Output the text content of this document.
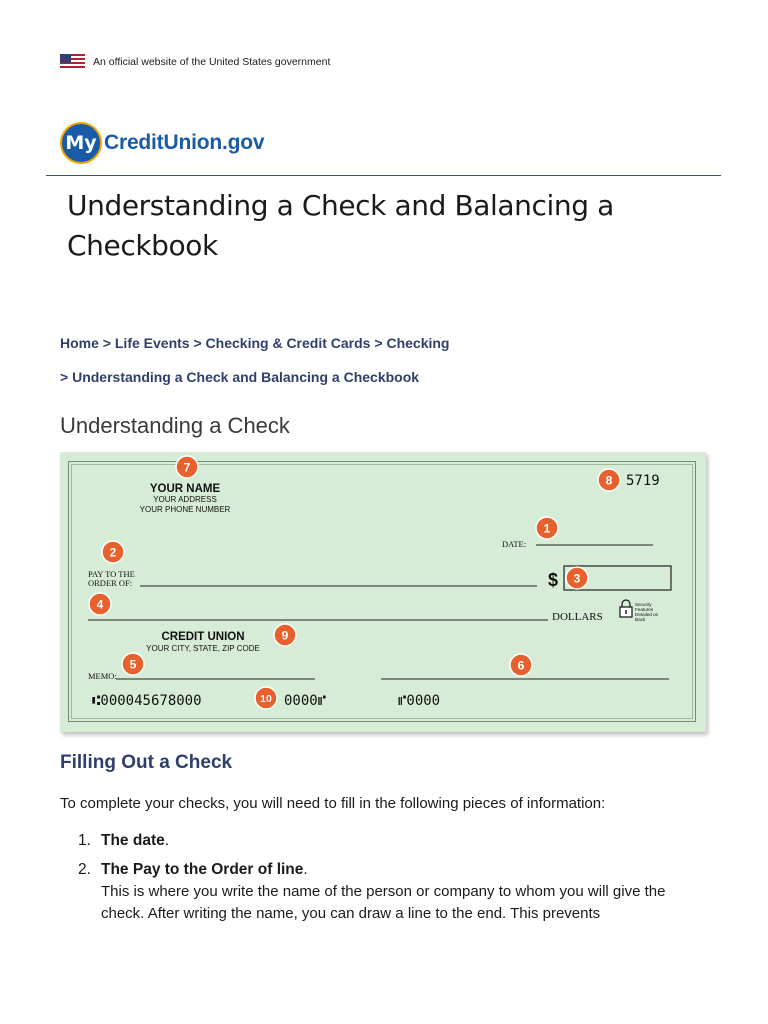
An official website of the United States government
My CreditUnion.gov
Understanding a Check and Balancing a Checkbook
Home > Life Events > Checking & Credit Cards > Checking
> Understanding a Check and Balancing a Checkbook
Understanding a Check
YOUR NAME
YOUR ADDRESS
YOUR PHONE NUMBER
5719
DATE:
PAY TO THE
ORDER OF:	$
DOLLARS
Security
Features
Detailed on
Back
CREDIT UNION
YOUR CITY, STATE, ZIP CODE
MEMO:
⑆000045678000	0000⑈	⑈0000
1
2
3
4
5	6
7
8
9
10
Filling Out a Check

To complete your checks, you will need to fill in the following pieces of information:

1. The date.
2. The Pay to the Order of line.
This is where you write the name of the person or company to whom you will give the check. After writing the name, you can draw a line to the end. This prevents
